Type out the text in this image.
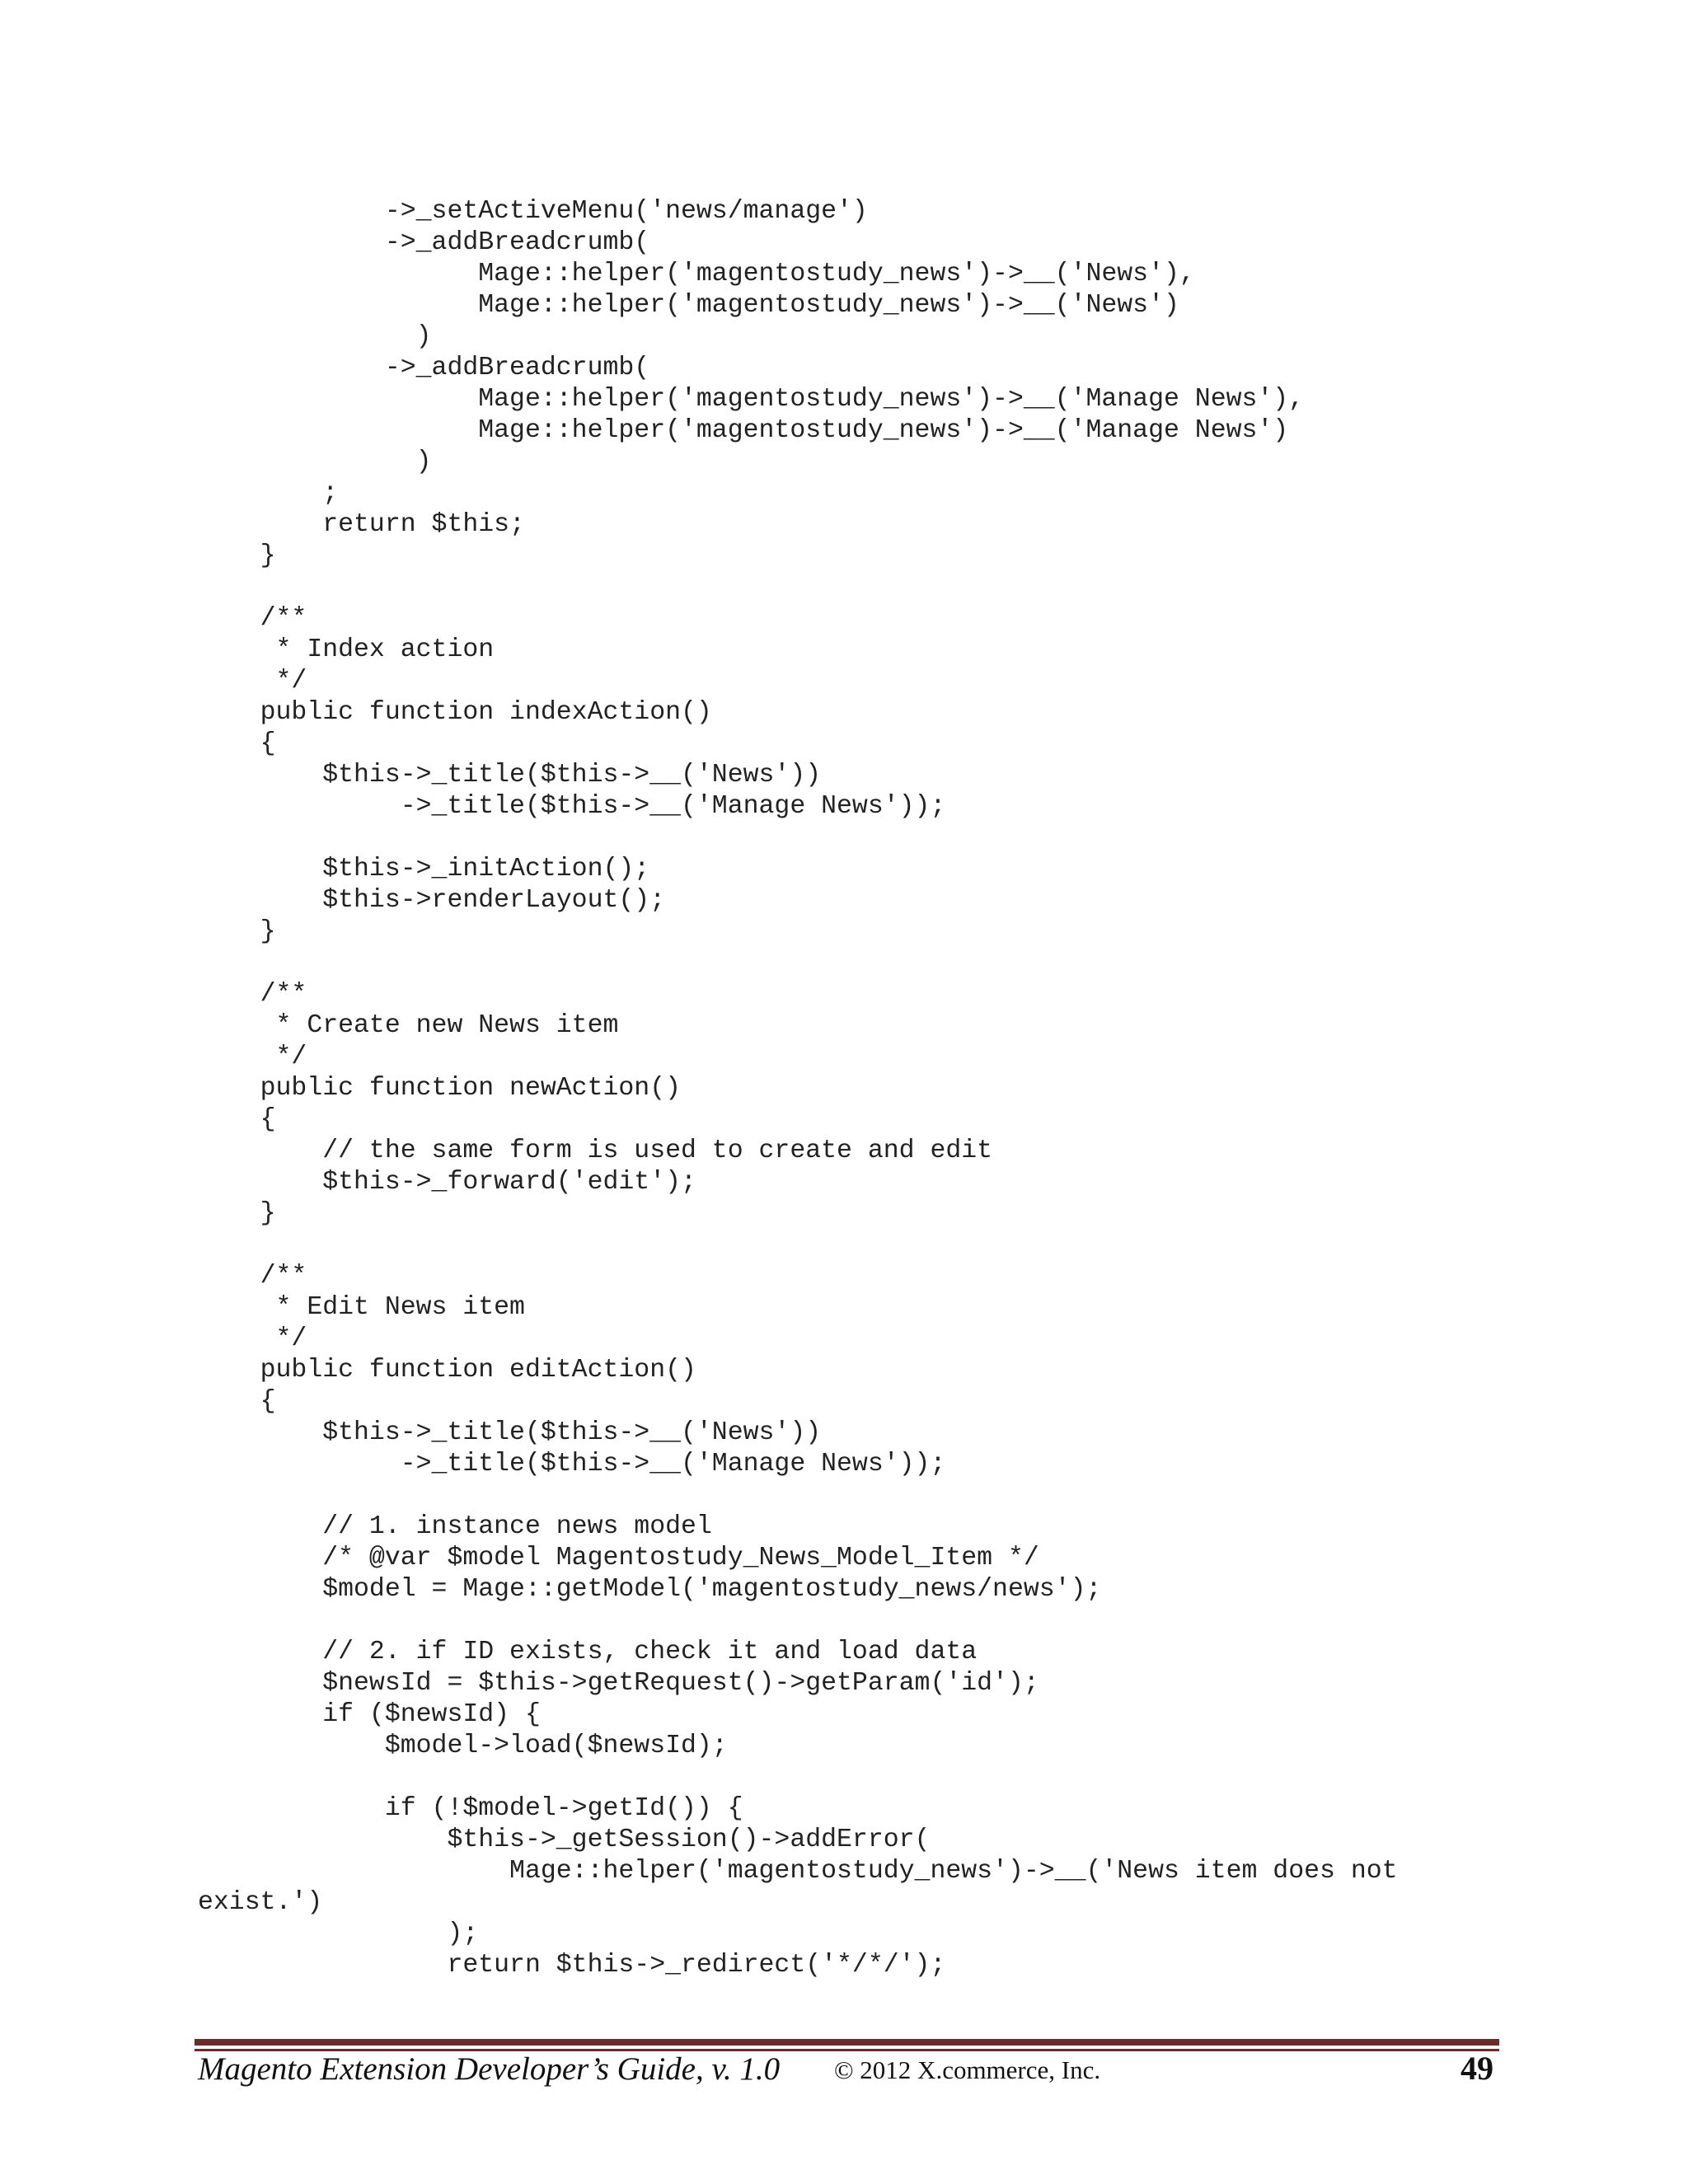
->_setActiveMenu('news/manage')
->_addBreadcrumb(
Mage::helper('magentostudy_news')->__('News'),
Mage::helper('magentostudy_news')->__('News')
)
->_addBreadcrumb(
Mage::helper('magentostudy_news')->__('Manage News'),
Mage::helper('magentostudy_news')->__('Manage News')
)
;
return $this;
}
/**
* Index action
*/
public function indexAction()
{
$this->_title($this->__('News'))
->_title($this->__('Manage News'));
$this->_initAction();
$this->renderLayout();
}
/**
* Create new News item
*/
public function newAction()
{
// the same form is used to create and edit
$this->_forward('edit');
}
/**
* Edit News item
*/
public function editAction()
{
$this->_title($this->__('News'))
->_title($this->__('Manage News'));
// 1. instance news model
/* @var $model Magentostudy_News_Model_Item */
$model = Mage::getModel('magentostudy_news/news');
// 2. if ID exists, check it and load data
$newsId = $this->getRequest()->getParam('id');
if ($newsId) {
$model->load($newsId);
if (!$model->getId()) {
$this->_getSession()->addError(
Mage::helper('magentostudy_news')->__('News item does not
exist.')
);
return $this->_redirect('*/*/');
Magento Extension Developer’s Guide, v. 1.0 © 2012 X.commerce, Inc.	49
